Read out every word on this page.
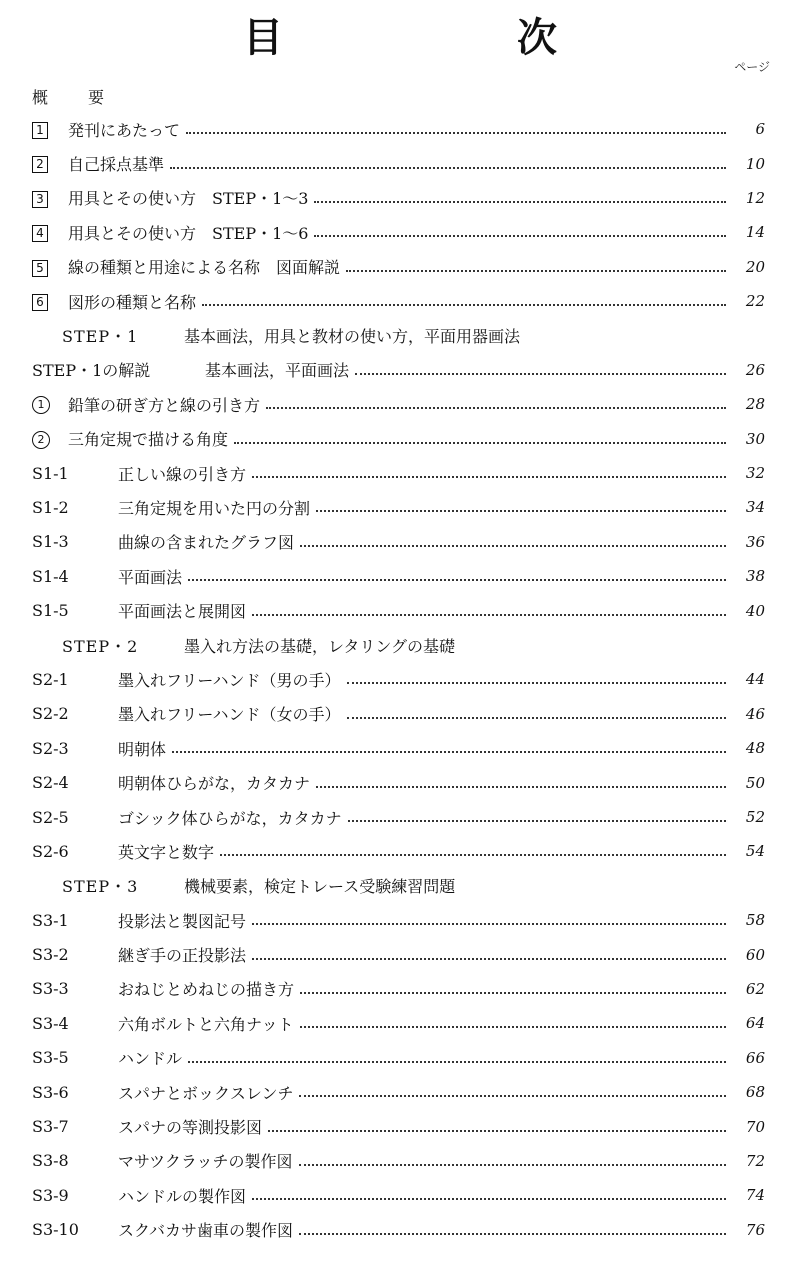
目 次
ページ
概要
1 発刊にあたって	6
2 自己採点基準	10
3 用具とその使い方　STEP・1～3	12
4 用具とその使い方　STEP・1～6	14
5 線の種類と用途による名称　図面解説	20
6 図形の種類と名称	22
STEP・1	基本画法，用具と教材の使い方，平面用器画法
STEP・1の解説	基本画法，平面画法	26
1	鉛筆の研ぎ方と線の引き方	28
2	三角定規で描ける角度	30
S1-1	正しい線の引き方	32
S1-2	三角定規を用いた円の分割	34
S1-3	曲線の含まれたグラフ図	36
S1-4	平面画法	38
S1-5	平面画法と展開図	40
STEP・2	墨入れ方法の基礎，レタリングの基礎
S2-1	墨入れフリーハンド（男の手）	44
S2-2	墨入れフリーハンド（女の手）	46
S2-3	明朝体	48
S2-4	明朝体ひらがな，カタカナ	50
S2-5	ゴシック体ひらがな，カタカナ	52
S2-6	英文字と数字	54
STEP・3	機械要素，検定トレース受験練習問題
S3-1	投影法と製図記号	58
S3-2	継ぎ手の正投影法	60
S3-3	おねじとめねじの描き方	62
S3-4	六角ボルトと六角ナット	64
S3-5	ハンドル	66
S3-6	スパナとボックスレンチ	68
S3-7	スパナの等測投影図	70
S3-8	マサツクラッチの製作図	72
S3-9	ハンドルの製作図	74
S3-10 スクバカサ歯車の製作図	76
